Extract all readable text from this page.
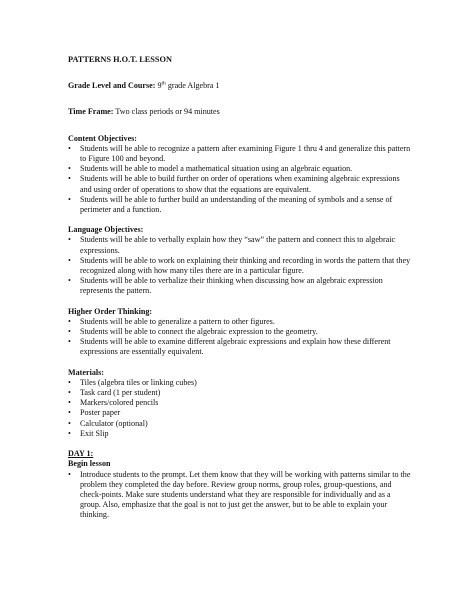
PATTERNS H.O.T. LESSON
Grade Level and Course: 9th grade Algebra 1
Time Frame: Two class periods or 94 minutes
Content Objectives:
• Students will be able to recognize a pattern after examining Figure 1 thru 4 and generalize this pattern to Figure 100 and beyond.
• Students will be able to model a mathematical situation using an algebraic equation.
• Students will be able to build further on order of operations when examining algebraic expressions and using order of operations to show that the equations are equivalent.
• Students will be able to further build an understanding of the meaning of symbols and a sense of perimeter and a function.
Language Objectives:
• Students will be able to verbally explain how they “saw” the pattern and connect this to algebraic expressions.
• Students will be able to work on explaining their thinking and recording in words the pattern that they recognized along with how many tiles there are in a particular figure.
• Students will be able to verbalize their thinking when discussing how an algebraic expression represents the pattern.
Higher Order Thinking:
• Students will be able to generalize a pattern to other figures.
• Students will be able to connect the algebraic expression to the geometry.
• Students will be able to examine different algebraic expressions and explain how these different expressions are essentially equivalent.
Materials:
• Tiles (algebra tiles or linking cubes)
• Task card (1 per student)
• Markers/colored pencils
• Poster paper
• Calculator (optional)
• Exit Slip
DAY 1:
Begin lesson
• Introduce students to the prompt. Let them know that they will be working with patterns similar to the problem they completed the day before. Review group norms, group roles, group-questions, and check-points. Make sure students understand what they are responsible for individually and as a group. Also, emphasize that the goal is not to just get the answer, but to be able to explain your thinking.
